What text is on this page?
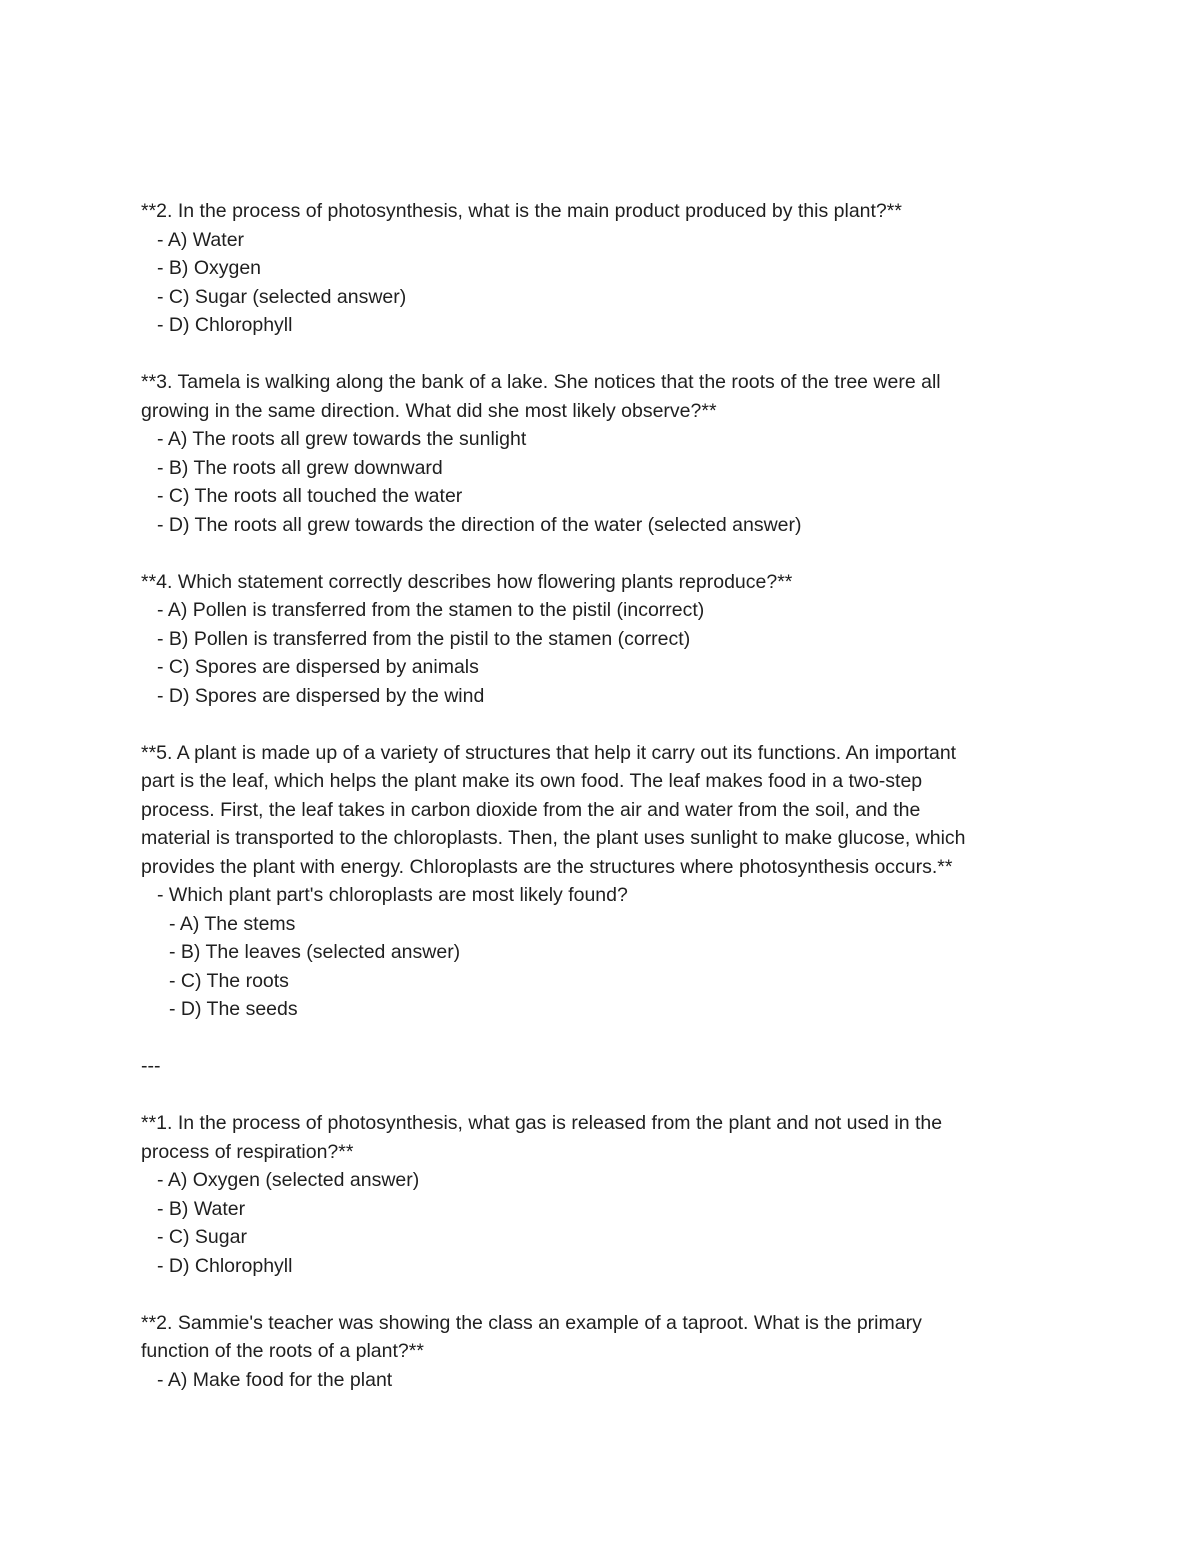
**2. In the process of photosynthesis, what is the main product produced by this plant?**
- A) Water
- B) Oxygen
- C) Sugar (selected answer)
- D) Chlorophyll
**3. Tamela is walking along the bank of a lake. She notices that the roots of the tree were all
growing in the same direction. What did she most likely observe?**
- A) The roots all grew towards the sunlight
- B) The roots all grew downward
- C) The roots all touched the water
- D) The roots all grew towards the direction of the water (selected answer)
**4. Which statement correctly describes how flowering plants reproduce?**
- A) Pollen is transferred from the stamen to the pistil (incorrect)
- B) Pollen is transferred from the pistil to the stamen (correct)
- C) Spores are dispersed by animals
- D) Spores are dispersed by the wind
**5. A plant is made up of a variety of structures that help it carry out its functions. An important
part is the leaf, which helps the plant make its own food. The leaf makes food in a two-step
process. First, the leaf takes in carbon dioxide from the air and water from the soil, and the
material is transported to the chloroplasts. Then, the plant uses sunlight to make glucose, which
provides the plant with energy. Chloroplasts are the structures where photosynthesis occurs.**
- Which plant part's chloroplasts are most likely found?
- A) The stems
- B) The leaves (selected answer)
- C) The roots
- D) The seeds
---
**1. In the process of photosynthesis, what gas is released from the plant and not used in the
process of respiration?**
- A) Oxygen (selected answer)
- B) Water
- C) Sugar
- D) Chlorophyll
**2. Sammie's teacher was showing the class an example of a taproot. What is the primary
function of the roots of a plant?**
- A) Make food for the plant
